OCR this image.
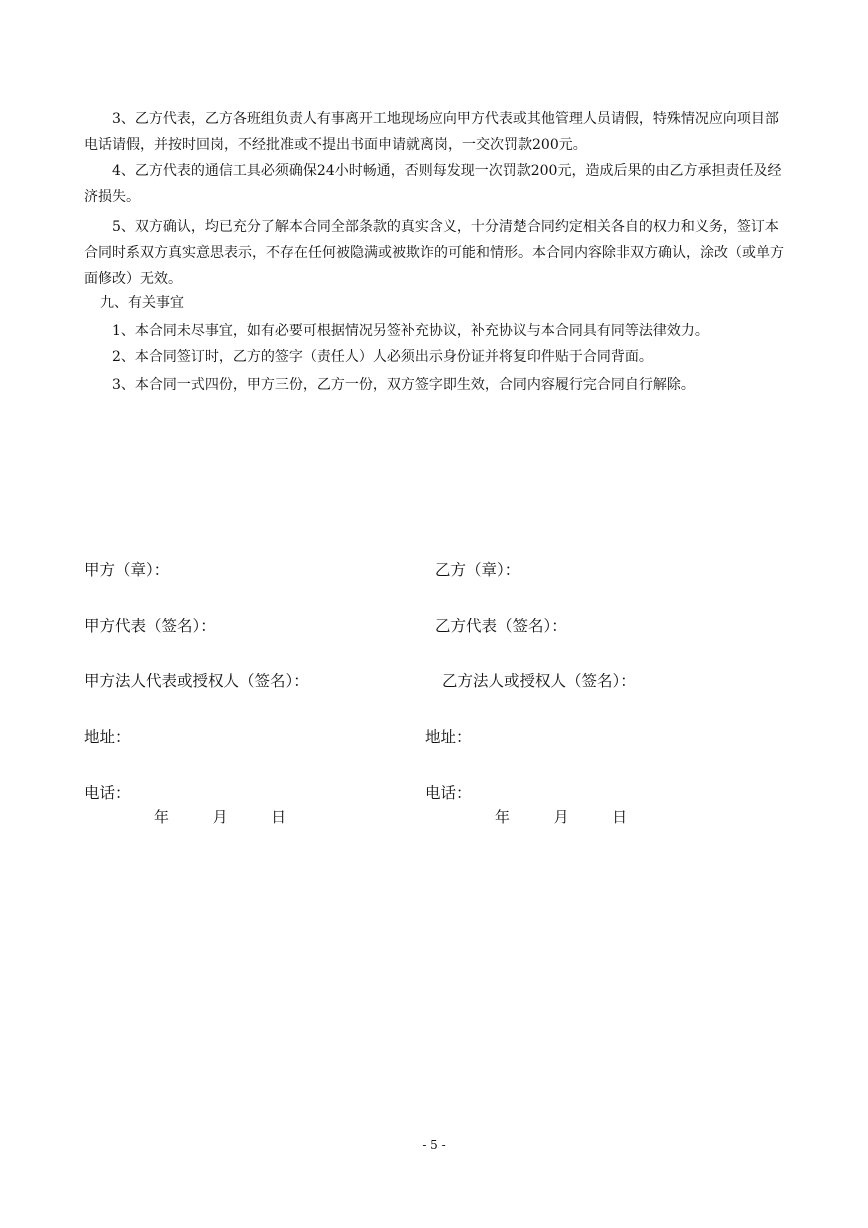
3、乙方代表，乙方各班组负责人有事离开工地现场应向甲方代表或其他管理人员请假，特殊情况应向项目部电话请假，并按时回岗，不经批准或不提出书面申请就离岗，一交次罚款200元。

4、乙方代表的通信工具必须确保24小时畅通，否则每发现一次罚款200元，造成后果的由乙方承担责任及经济损失。

5、双方确认，均已充分了解本合同全部条款的真实含义，十分清楚合同约定相关各自的权力和义务，签订本合同时系双方真实意思表示，不存在任何被隐满或被欺诈的可能和情形。本合同内容除非双方确认，涂改（或单方面修改）无效。

九、有关事宜

1、本合同未尽事宜，如有必要可根据情况另签补充协议，补充协议与本合同具有同等法律效力。

2、本合同签订时，乙方的签字（责任人）人必须出示身份证并将复印件贴于合同背面。

3、本合同一式四份，甲方三份，乙方一份，双方签字即生效，合同内容履行完合同自行解除。

甲方（章）：

甲方代表（签名）：

甲方法人代表或授权人（签名）：

地址：

电话：

年	月	日

乙方（章）：

乙方代表（签名）：

乙方法人或授权人（签名）：

地址：

电话：

年	月	日
- 5 -
